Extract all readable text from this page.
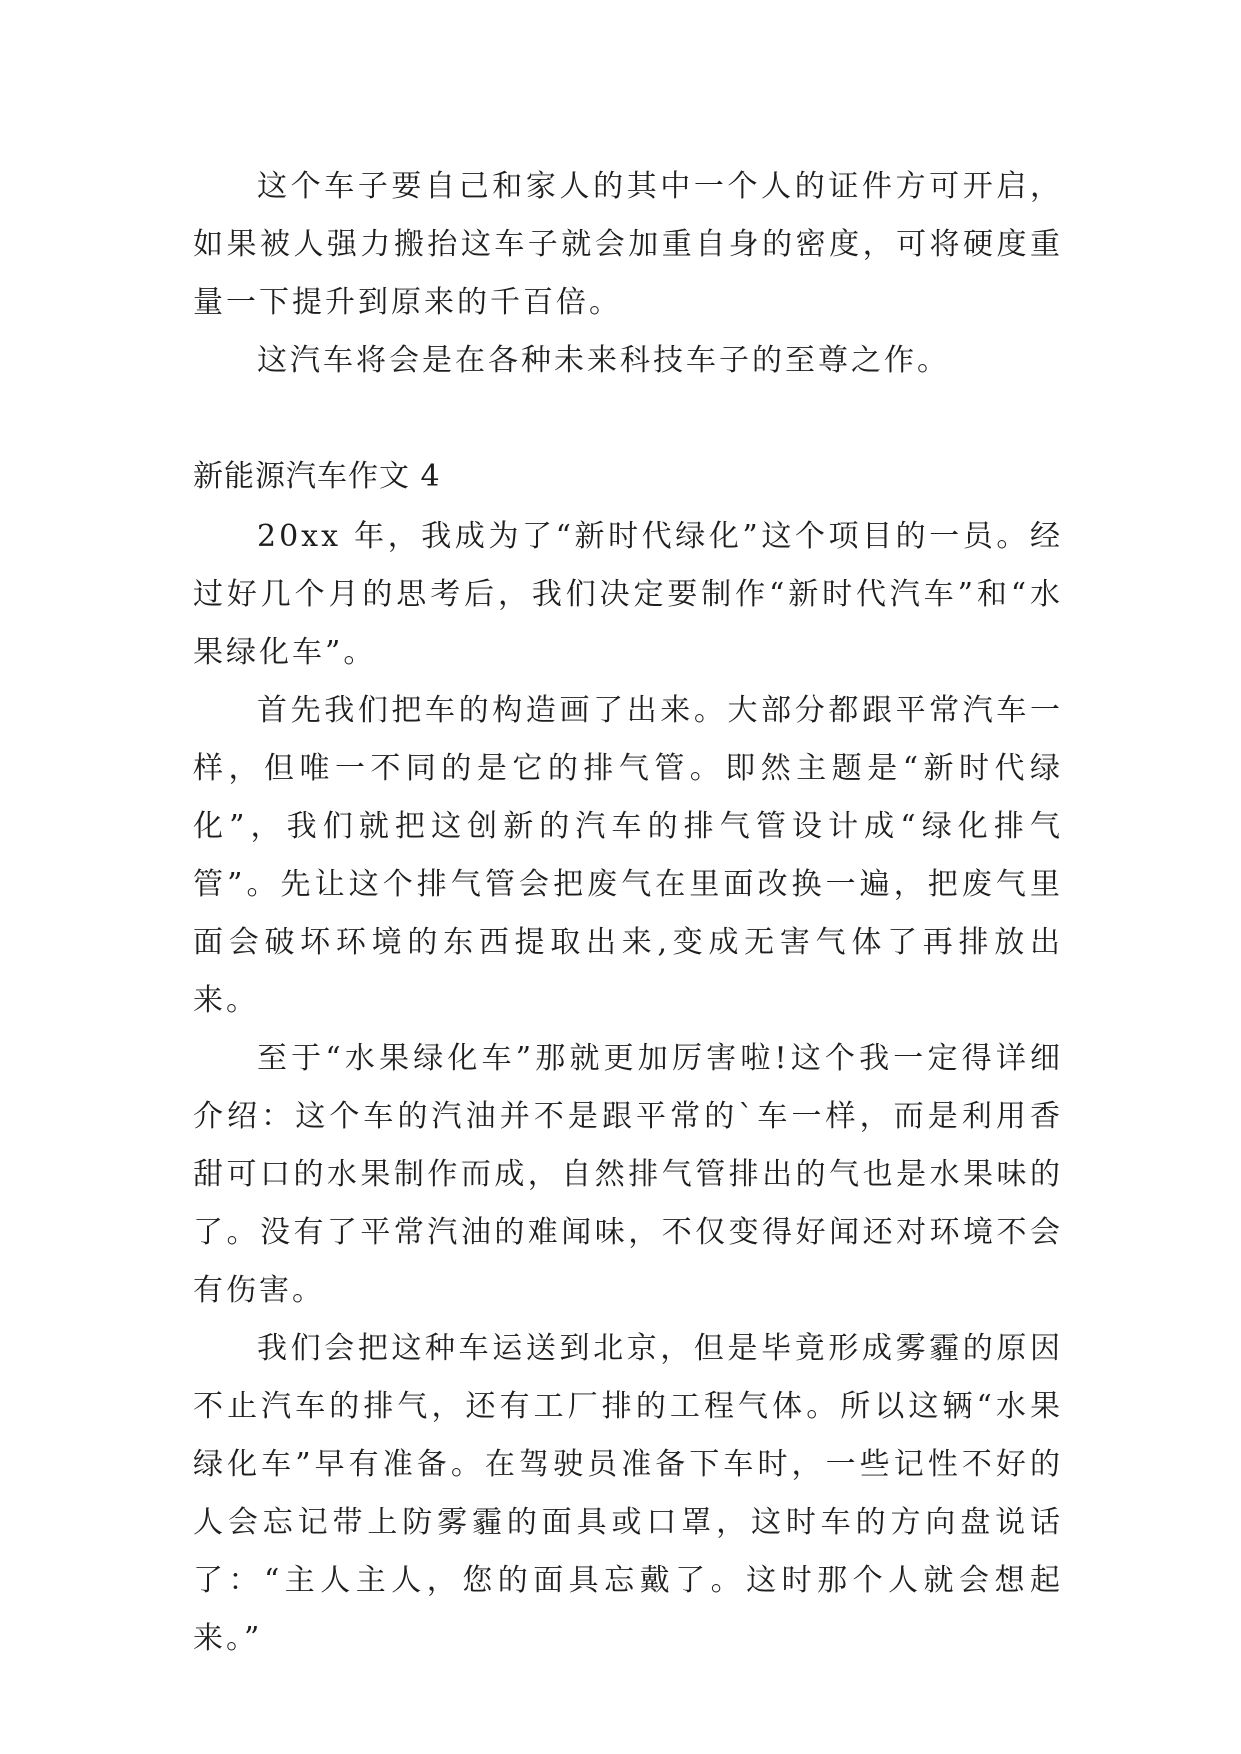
这个车子要自己和家人的其中一个人的证件方可开启，如果被人强力搬抬这车子就会加重自身的密度，可将硬度重量一下提升到原来的千百倍。

这汽车将会是在各种未来科技车子的至尊之作。

新能源汽车作文 4

20xx 年，我成为了“新时代绿化”这个项目的一员。经过好几个月的思考后，我们决定要制作“新时代汽车”和“水果绿化车”。

首先我们把车的构造画了出来。大部分都跟平常汽车一样，但唯一不同的是它的排气管。即然主题是“新时代绿化”，我们就把这创新的汽车的排气管设计成“绿化排气管”。先让这个排气管会把废气在里面改换一遍，把废气里面会破坏环境的东西提取出来,变成无害气体了再排放出来。

至于“水果绿化车”那就更加厉害啦!这个我一定得详细介绍：这个车的汽油并不是跟平常的`车一样，而是利用香甜可口的水果制作而成，自然排气管排出的气也是水果味的了。没有了平常汽油的难闻味，不仅变得好闻还对环境不会有伤害。

我们会把这种车运送到北京，但是毕竟形成雾霾的原因不止汽车的排气，还有工厂排的工程气体。所以这辆“水果绿化车”早有准备。在驾驶员准备下车时，一些记性不好的人会忘记带上防雾霾的面具或口罩，这时车的方向盘说话了：“主人主人，您的面具忘戴了。这时那个人就会想起来。”
